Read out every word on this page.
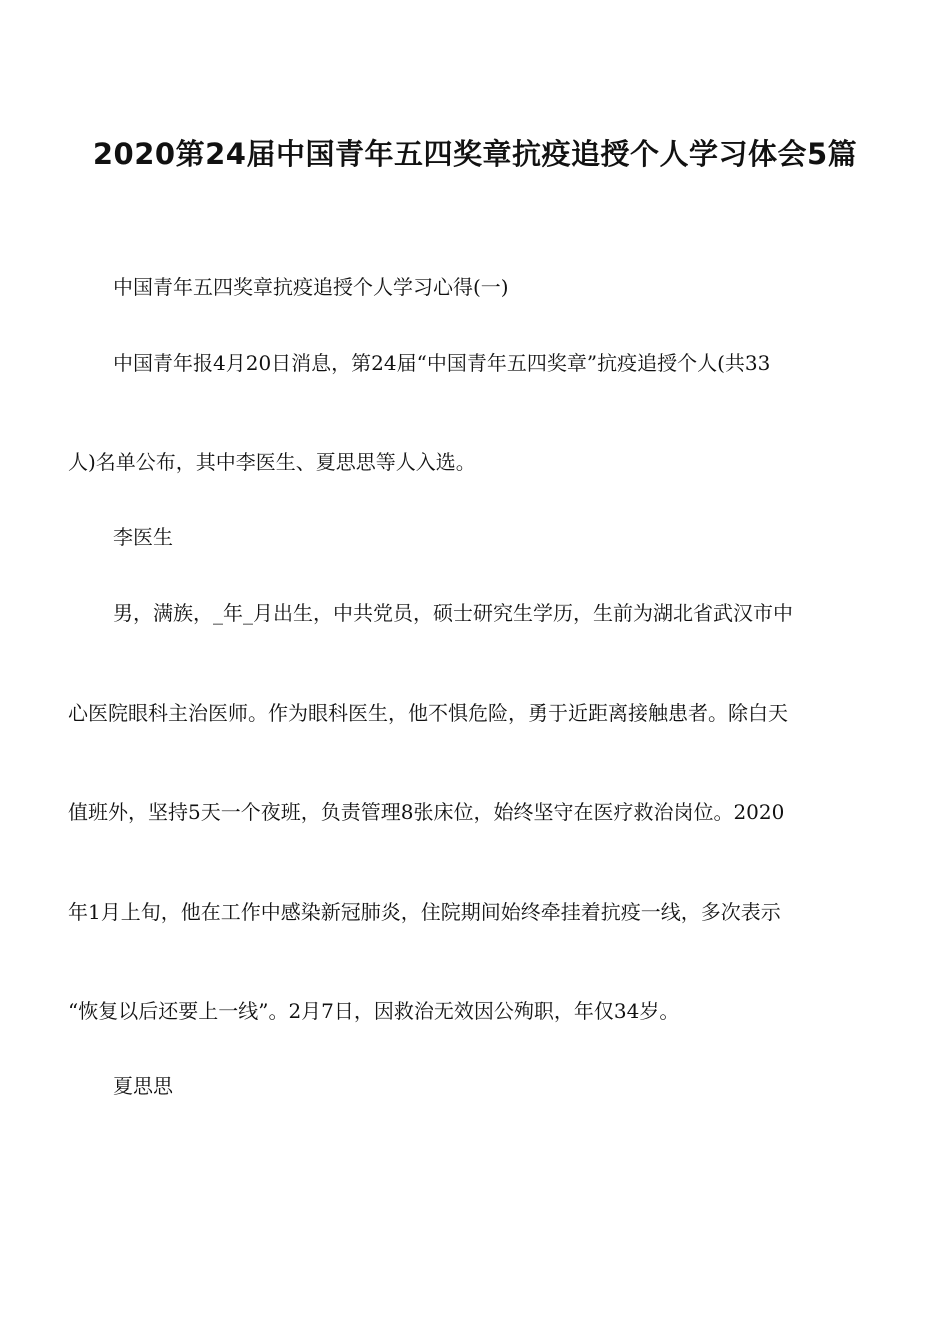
2020第24届中国青年五四奖章抗疫追授个人学习体会5篇
中国青年五四奖章抗疫追授个人学习心得(一)
中国青年报4月20日消息，第24届“中国青年五四奖章”抗疫追授个人(共33
人)名单公布，其中李医生、夏思思等人入选。
李医生
男，满族，_年_月出生，中共党员，硕士研究生学历，生前为湖北省武汉市中
心医院眼科主治医师。作为眼科医生，他不惧危险，勇于近距离接触患者。除白天
值班外，坚持5天一个夜班，负责管理8张床位，始终坚守在医疗救治岗位。2020
年1月上旬，他在工作中感染新冠肺炎，住院期间始终牵挂着抗疫一线，多次表示
“恢复以后还要上一线”。2月7日，因救治无效因公殉职，年仅34岁。
夏思思
